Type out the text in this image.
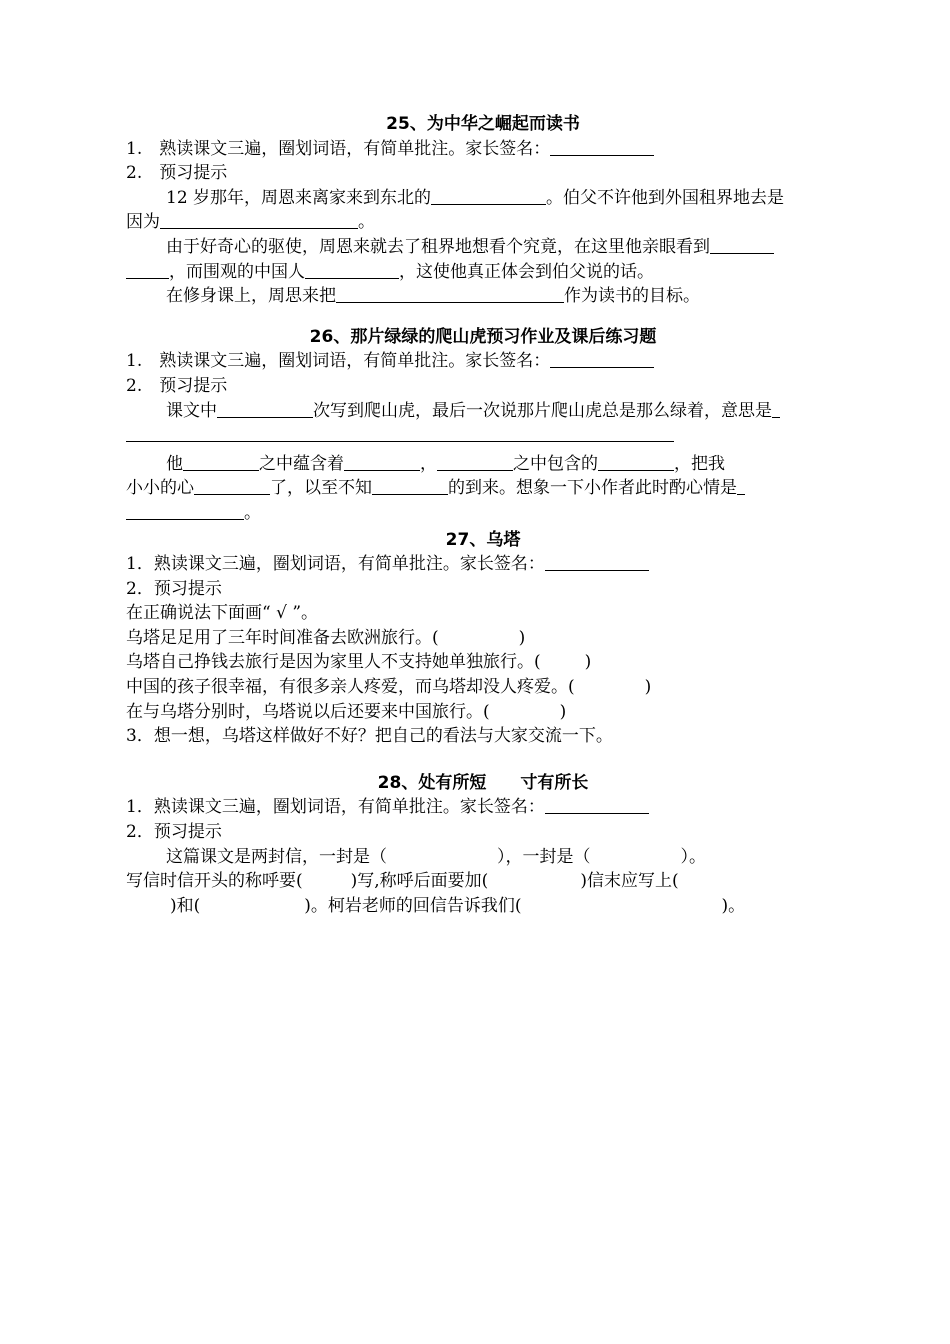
25、为中华之崛起而读书
1.　熟读课文三遍，圈划词语，有简单批注。家长签名：
2.　预习提示
12 岁那年，周恩来离家来到东北的	。伯父不许他到外国租界地去是
因为	。
由于好奇心的驱使，周恩来就去了租界地想看个究竟，在这里他亲眼看到
，而围观的中国人	，这使他真正体会到伯父说的话。
在修身课上，周思来把	作为读书的目标。
26、那片绿绿的爬山虎预习作业及课后练习题
1.　熟读课文三遍，圈划词语，有简单批注。家长签名：
2.　预习提示
课文中	次写到爬山虎，最后一次说那片爬山虎总是那么绿着，意思是
他	之中蕴含着	，	之中包含的	，把我
小小的心	了，以至不知	的到来。想象一下小作者此时酌心情是
。
27、乌塔
1．熟读课文三遍，圈划词语，有简单批注。家长签名：
2．预习提示
在正确说法下面画“ √ ”。
乌塔足足用了三年时间准备去欧洲旅行。(	)
乌塔自己挣钱去旅行是因为家里人不支持她单独旅行。(	)
中国的孩子很幸福，有很多亲人疼爱，而乌塔却没人疼爱。(	)
在与乌塔分别时，乌塔说以后还要来中国旅行。(	)
3．想一想，乌塔这样做好不好？把自己的看法与大家交流一下。
28、处有所短　　寸有所长
1．熟读课文三遍，圈划词语，有简单批注。家长签名：
2．预习提示
这篇课文是两封信，一封是（	），一封是（	）。
写信时信开头的称呼要(	)写,称呼后面要加(	)信末应写上(
)和(	)。柯岩老师的回信告诉我们(	)。
